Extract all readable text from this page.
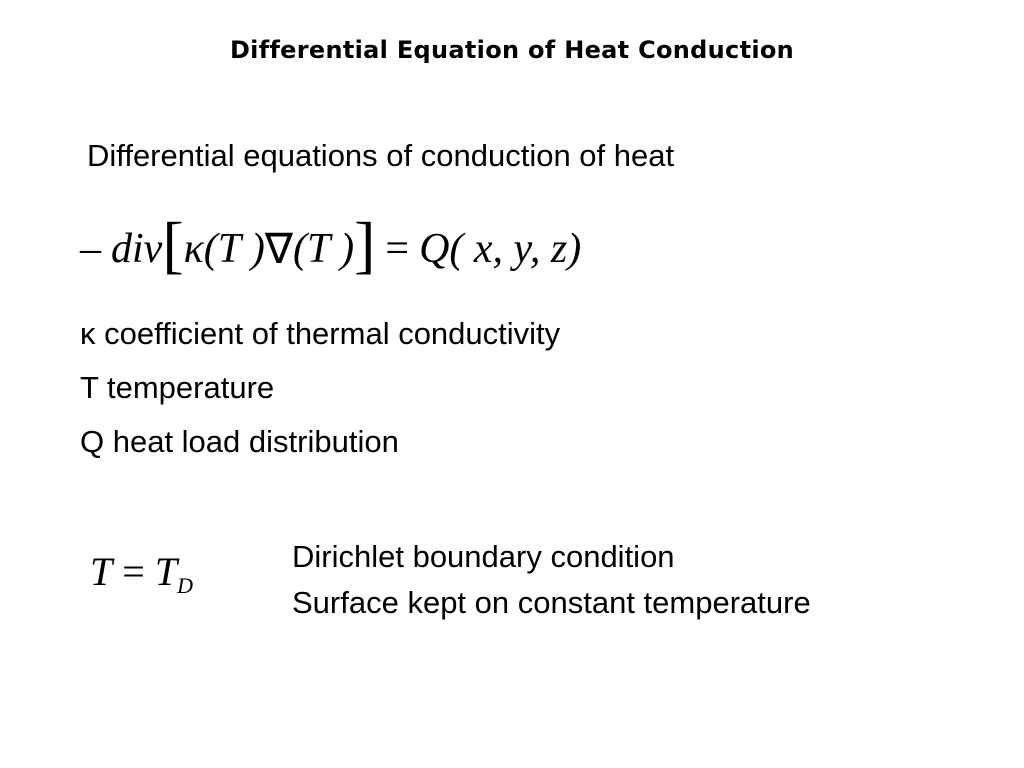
Differential Equation of Heat Conduction
Differential equations of conduction of heat
– div [ κ (T ) ∇ (T ) ] = Q ( x, y, z)
κ coefficient of thermal conductivity
T temperature
Q heat load distribution
$T = T_D$
Dirichlet boundary condition
Surface kept on constant temperature
